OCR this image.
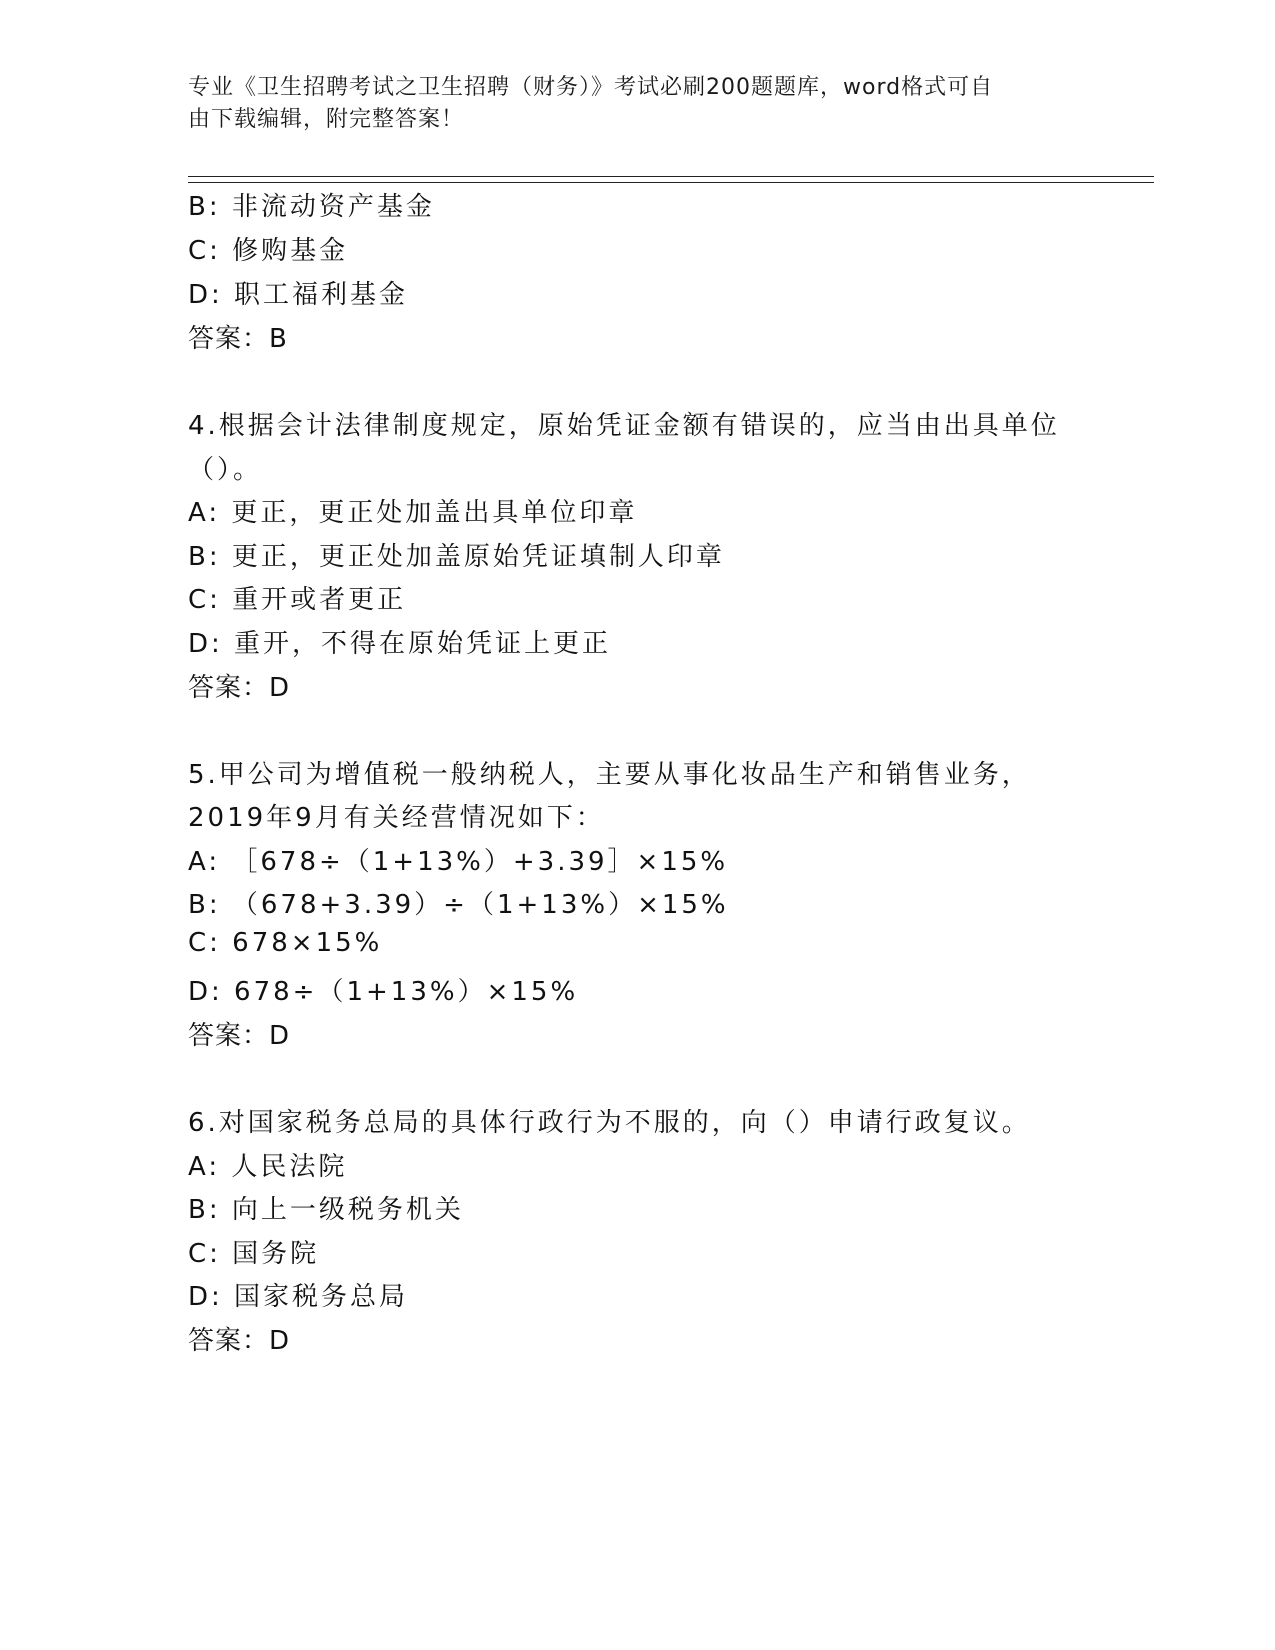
专业《卫生招聘考试之卫生招聘（财务）》考试必刷200题题库，word格式可自
由下载编辑，附完整答案！
B: 非流动资产基金
C: 修购基金
D: 职工福利基金
答案：B
4.根据会计法律制度规定，原始凭证金额有错误的，应当由出具单位
（）。
A: 更正，更正处加盖出具单位印章
B: 更正，更正处加盖原始凭证填制人印章
C: 重开或者更正
D: 重开，不得在原始凭证上更正
答案：D
5.甲公司为增值税一般纳税人，主要从事化妆品生产和销售业务，
2019年9月有关经营情况如下：
A: ［678÷（1+13%）+3.39］×15%
B: （678+3.39）÷（1+13%）×15%
C: 678×15%
D: 678÷（1+13%）×15%
答案：D
6.对国家税务总局的具体行政行为不服的，向（）申请行政复议。
A: 人民法院
B: 向上一级税务机关
C: 国务院
D: 国家税务总局
答案：D
